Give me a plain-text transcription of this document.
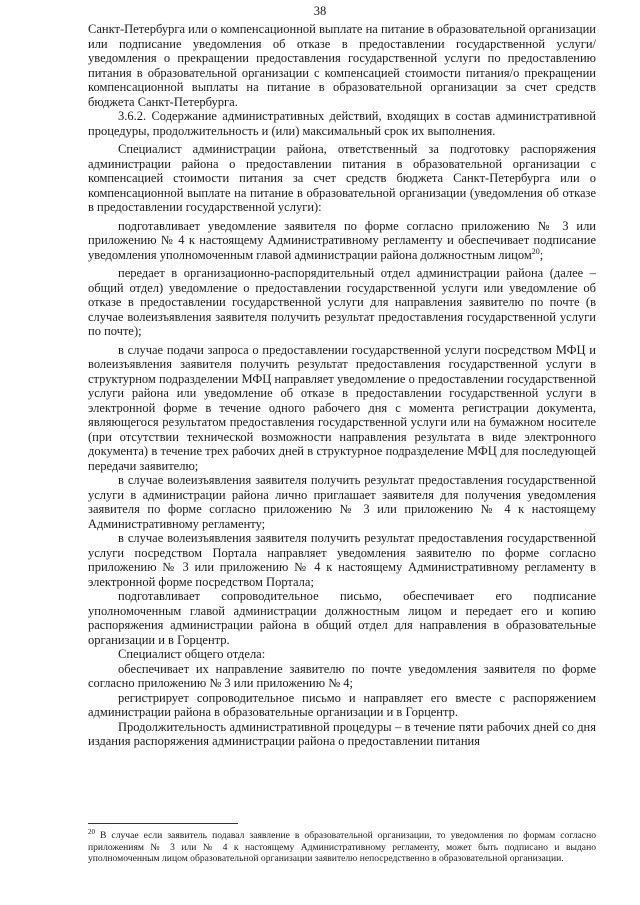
38

Санкт-Петербурга или о компенсационной выплате на питание в образовательной организации или подписание уведомления об отказе в предоставлении государственной услуги/уведомления о прекращении предоставления государственной услуги по предоставлению питания в образовательной организации с компенсацией стоимости питания/о прекращении компенсационной выплаты на питание в образовательной организации за счет средств бюджета Санкт-Петербурга.

3.6.2. Содержание административных действий, входящих в состав административной процедуры, продолжительность и (или) максимальный срок их выполнения.

Специалист администрации района, ответственный за подготовку распоряжения администрации района о предоставлении питания в образовательной организации с компенсацией стоимости питания за счет средств бюджета Санкт-Петербурга или о компенсационной выплате на питание в образовательной организации (уведомления об отказе в предоставлении государственной услуги):

подготавливает уведомление заявителя по форме согласно приложению № 3 или приложению № 4 к настоящему Административному регламенту и обеспечивает подписание уведомления уполномоченным главой администрации района должностным лицом$^{20}$;

передает в организационно-распорядительный отдел администрации района (далее – общий отдел) уведомление о предоставлении государственной услуги или уведомление об отказе в предоставлении государственной услуги для направления заявителю по почте (в случае волеизъявления заявителя получить результат предоставления государственной услуги по почте);

в случае подачи запроса о предоставлении государственной услуги посредством МФЦ и волеизъявления заявителя получить результат предоставления государственной услуги в структурном подразделении МФЦ направляет уведомление о предоставлении государственной услуги района или уведомление об отказе в предоставлении государственной услуги в электронной форме в течение одного рабочего дня с момента регистрации документа, являющегося результатом предоставления государственной услуги или на бумажном носителе (при отсутствии технической возможности направления результата в виде электронного документа) в течение трех рабочих дней в структурное подразделение МФЦ для последующей передачи заявителю;

в случае волеизъявления заявителя получить результат предоставления государственной услуги в администрации района лично приглашает заявителя для получения уведомления заявителя по форме согласно приложению № 3 или приложению № 4 к настоящему Административному регламенту;

в случае волеизъявления заявителя получить результат предоставления государственной услуги посредством Портала направляет уведомления заявителю по форме согласно приложению № 3 или приложению № 4 к настоящему Административному регламенту в электронной форме посредством Портала;

подготавливает сопроводительное письмо, обеспечивает его подписание уполномоченным главой администрации должностным лицом и передает его и копию распоряжения администрации района в общий отдел для направления в образовательные организации и в Горцентр.

Специалист общего отдела:

обеспечивает их направление заявителю по почте уведомления заявителя по форме согласно приложению № 3 или приложению № 4;

регистрирует сопроводительное письмо и направляет его вместе с распоряжением администрации района в образовательные организации и в Горцентр.

Продолжительность административной процедуры – в течение пяти рабочих дней со дня издания распоряжения администрации района о предоставлении питания

$^{20}$ В случае если заявитель подавал заявление в образовательной организации, то уведомления по формам согласно приложениям № 3 или № 4 к настоящему Административному регламенту, может быть подписано и выдано уполномоченным лицом образовательной организации заявителю непосредственно в образовательной организации.
